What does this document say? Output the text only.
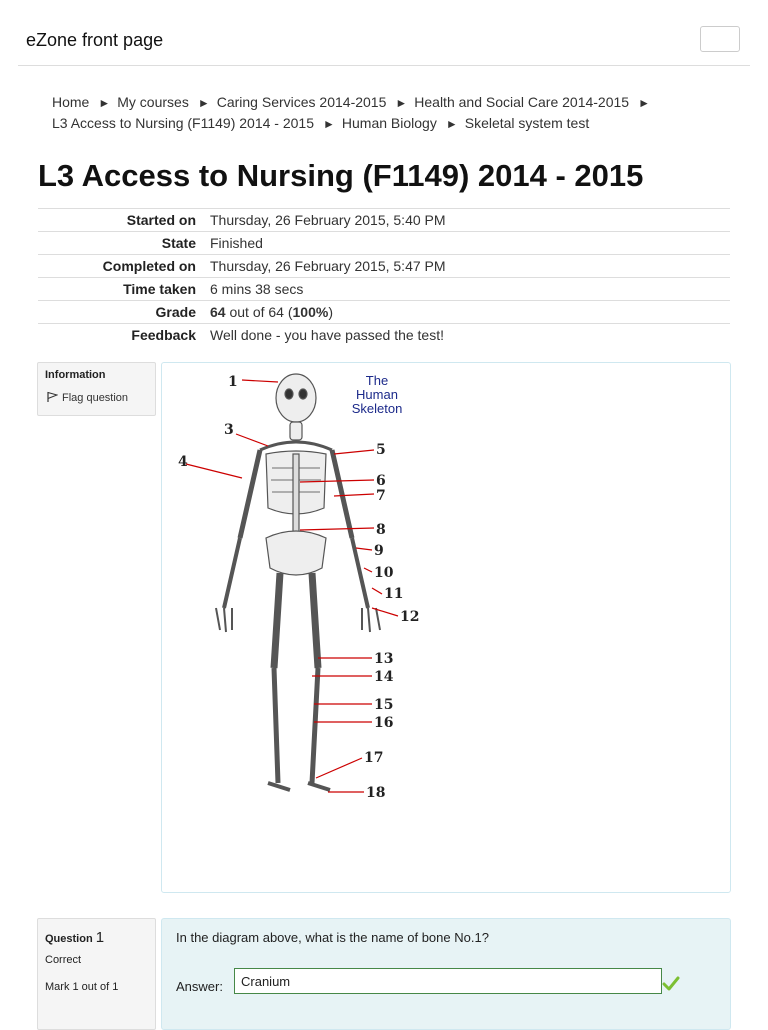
eZone front page
Home ► My courses ► Caring Services 2014-2015 ► Health and Social Care 2014-2015 ►
L3 Access to Nursing (F1149) 2014 - 2015 ► Human Biology ► Skeletal system test
L3 Access to Nursing (F1149) 2014 - 2015
Started on	Thursday, 26 February 2015, 5:40 PM
State	Finished
Completed on	Thursday, 26 February 2015, 5:47 PM
Time taken	6 mins 38 secs
Grade	64 out of 64 (100%)
Feedback	Well done - you have passed the test!
Information
Flag question
The
Human
Skeleton
1
3
4
5
6
7
8
9
10
11
12
13
14
15
16
17
18
Question 1
Correct
Mark 1 out of 1
In the diagram above, what is the name of bone No.1?
Answer:
Cranium
